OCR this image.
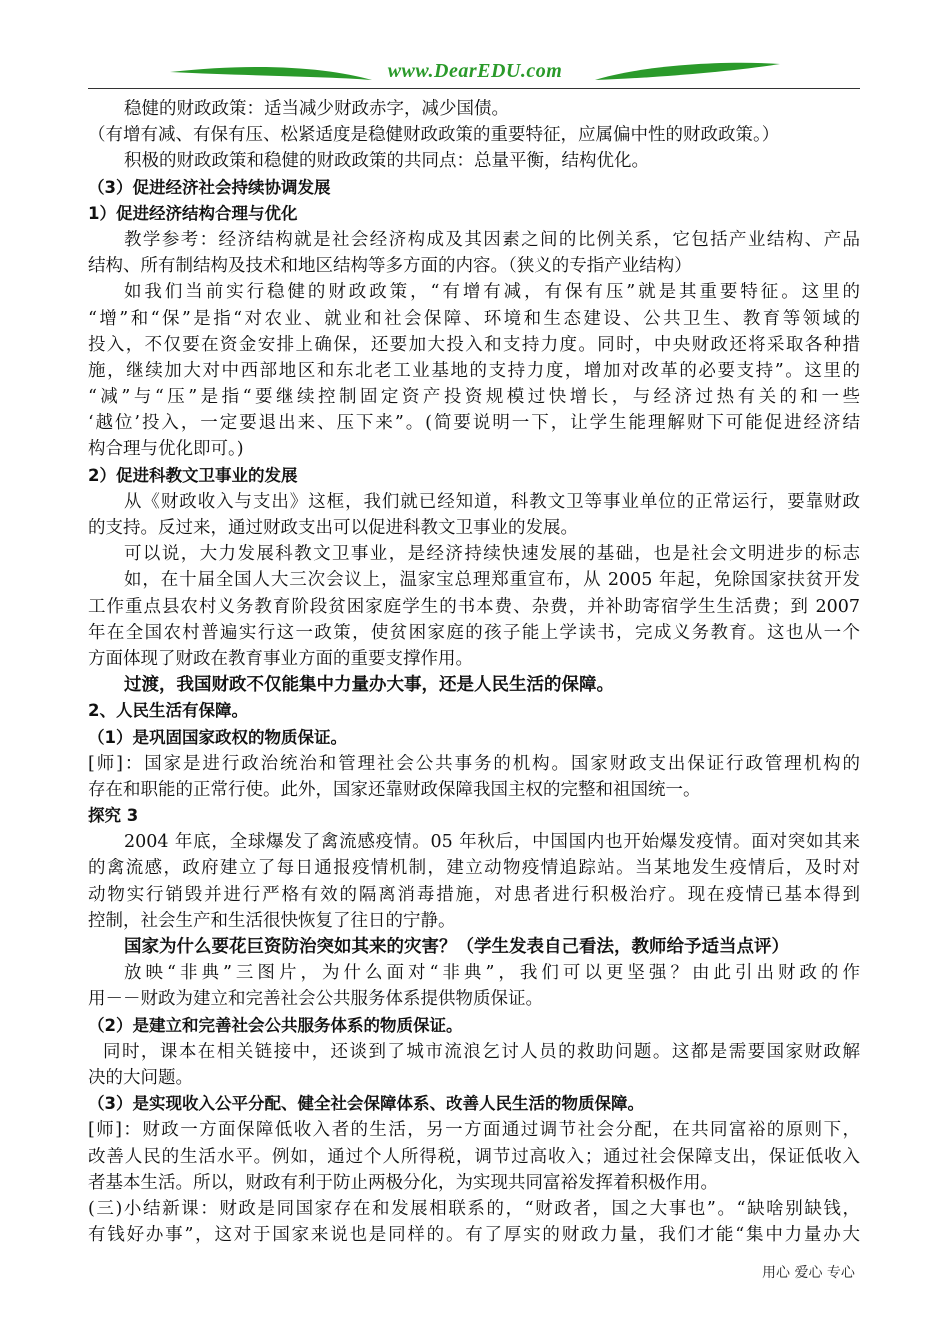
www.DearEDU.com
稳健的财政政策：适当减少财政赤字，减少国债。
（有增有减、有保有压、松紧适度是稳健财政政策的重要特征，应属偏中性的财政政策。）
积极的财政政策和稳健的财政政策的共同点：总量平衡，结构优化。
（3）促进经济社会持续协调发展
1）促进经济结构合理与优化
教学参考：经济结构就是社会经济构成及其因素之间的比例关系，它包括产业结构、产品
结构、所有制结构及技术和地区结构等多方面的内容。（狭义的专指产业结构）
如我们当前实行稳健的财政政策，“有增有减，有保有压”就是其重要特征。这里的
“增”和“保”是指“对农业、就业和社会保障、环境和生态建设、公共卫生、教育等领域的
投入，不仅要在资金安排上确保，还要加大投入和支持力度。同时，中央财政还将采取各种措
施，继续加大对中西部地区和东北老工业基地的支持力度，增加对改革的必要支持”。这里的
“减”与“压”是指“要继续控制固定资产投资规模过快增长，与经济过热有关的和一些
‘越位’投入，一定要退出来、压下来”。(简要说明一下，让学生能理解财下可能促进经济结
构合理与优化即可。)
2）促进科教文卫事业的发展
从《财政收入与支出》这框，我们就已经知道，科教文卫等事业单位的正常运行，要靠财政
的支持。反过来，通过财政支出可以促进科教文卫事业的发展。
可以说，大力发展科教文卫事业，是经济持续快速发展的基础，也是社会文明进步的标志
如，在十届全国人大三次会议上，温家宝总理郑重宣布，从 2005 年起，免除国家扶贫开发
工作重点县农村义务教育阶段贫困家庭学生的书本费、杂费，并补助寄宿学生生活费；到 2007
年在全国农村普遍实行这一政策，使贫困家庭的孩子能上学读书，完成义务教育。这也从一个
方面体现了财政在教育事业方面的重要支撑作用。
过渡，我国财政不仅能集中力量办大事，还是人民生活的保障。
2、人民生活有保障。
（1）是巩固国家政权的物质保证。
[师]：国家是进行政治统治和管理社会公共事务的机构。国家财政支出保证行政管理机构的
存在和职能的正常行使。此外，国家还靠财政保障我国主权的完整和祖国统一。
探究 3
2004 年底，全球爆发了禽流感疫情。05 年秋后，中国国内也开始爆发疫情。面对突如其来
的禽流感，政府建立了每日通报疫情机制，建立动物疫情追踪站。当某地发生疫情后，及时对
动物实行销毁并进行严格有效的隔离消毒措施，对患者进行积极治疗。现在疫情已基本得到
控制，社会生产和生活很快恢复了往日的宁静。
国家为什么要花巨资防治突如其来的灾害？（学生发表自己看法，教师给予适当点评）
放映“非典”三图片，为什么面对“非典”，我们可以更坚强？由此引出财政的作
用－－财政为建立和完善社会公共服务体系提供物质保证。
（2）是建立和完善社会公共服务体系的物质保证。
同时，课本在相关链接中，还谈到了城市流浪乞讨人员的救助问题。这都是需要国家财政解
决的大问题。
（3）是实现收入公平分配、健全社会保障体系、改善人民生活的物质保障。
[师]：财政一方面保障低收入者的生活，另一方面通过调节社会分配，在共同富裕的原则下，
改善人民的生活水平。例如，通过个人所得税，调节过高收入；通过社会保障支出，保证低收入
者基本生活。所以，财政有利于防止两极分化，为实现共同富裕发挥着积极作用。
(三)小结新课：财政是同国家存在和发展相联系的，“财政者，国之大事也”。“缺啥别缺钱，
有钱好办事”，这对于国家来说也是同样的。有了厚实的财政力量，我们才能“集中力量办大
用心 爱心 专心
